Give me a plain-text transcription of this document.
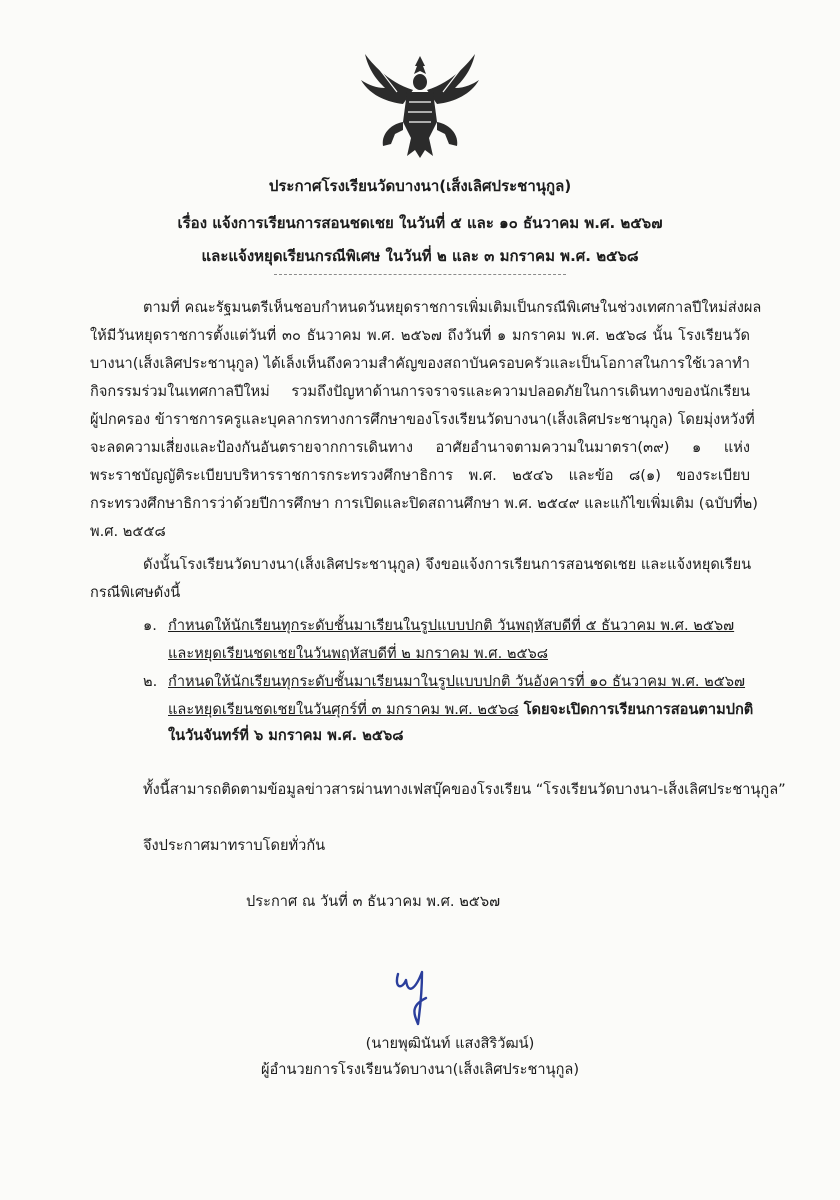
ประกาศโรงเรียนวัดบางนา(เส็งเลิศประชานุกูล)
เรื่อง แจ้งการเรียนการสอนชดเชย ในวันที่ ๕ และ ๑๐ ธันวาคม พ.ศ. ๒๕๖๗
และแจ้งหยุดเรียนกรณีพิเศษ ในวันที่ ๒ และ ๓ มกราคม พ.ศ. ๒๕๖๘
ตามที่ คณะรัฐมนตรีเห็นชอบกำหนดวันหยุดราชการเพิ่มเติมเป็นกรณีพิเศษในช่วงเทศกาลปีใหม่ส่งผล
ให้มีวันหยุดราชการตั้งแต่วันที่ ๓๐ ธันวาคม พ.ศ. ๒๕๖๗ ถึงวันที่ ๑ มกราคม พ.ศ. ๒๕๖๘ นั้น โรงเรียนวัด
บางนา(เส็งเลิศประชานุกูล) ได้เล็งเห็นถึงความสำคัญของสถาบันครอบครัวและเป็นโอกาสในการใช้เวลาทำ
กิจกรรมร่วมในเทศกาลปีใหม่ รวมถึงปัญหาด้านการจราจรและความปลอดภัยในการเดินทางของนักเรียน
ผู้ปกครอง ข้าราชการครูและบุคลากรทางการศึกษาของโรงเรียนวัดบางนา(เส็งเลิศประชานุกูล) โดยมุ่งหวังที่
จะลดความเสี่ยงและป้องกันอันตรายจากการเดินทาง อาศัยอำนาจตามความในมาตรา(๓๙) ๑ แห่ง
พระราชบัญญัติระเบียบบริหารราชการกระทรวงศึกษาธิการ พ.ศ. ๒๕๔๖ และข้อ ๘(๑) ของระเบียบ
กระทรวงศึกษาธิการว่าด้วยปีการศึกษา การเปิดและปิดสถานศึกษา พ.ศ. ๒๕๔๙ และแก้ไขเพิ่มเติม (ฉบับที่๒)
พ.ศ. ๒๕๕๘
ดังนั้นโรงเรียนวัดบางนา(เส็งเลิศประชานุกูล) จึงขอแจ้งการเรียนการสอนชดเชย และแจ้งหยุดเรียน
กรณีพิเศษดังนี้
๑. กำหนดให้นักเรียนทุกระดับชั้นมาเรียนในรูปแบบปกติ วันพฤหัสบดีที่ ๕ ธันวาคม พ.ศ. ๒๕๖๗
และหยุดเรียนชดเชยในวันพฤหัสบดีที่ ๒ มกราคม พ.ศ. ๒๕๖๘
๒. กำหนดให้นักเรียนทุกระดับชั้นมาเรียนมาในรูปแบบปกติ วันอังคารที่ ๑๐ ธันวาคม พ.ศ. ๒๕๖๗
และหยุดเรียนชดเชยในวันศุกร์ที่ ๓ มกราคม พ.ศ. ๒๕๖๘ โดยจะเปิดการเรียนการสอนตามปกติ
ในวันจันทร์ที่ ๖ มกราคม พ.ศ. ๒๕๖๘
ทั้งนี้สามารถติดตามข้อมูลข่าวสารผ่านทางเฟสบุ๊คของโรงเรียน “โรงเรียนวัดบางนา-เส็งเลิศประชานุกูล”
จึงประกาศมาทราบโดยทั่วกัน
ประกาศ ณ วันที่ ๓ ธันวาคม พ.ศ. ๒๕๖๗
(นายพุฒินันท์ แสงสิริวัฒน์)
ผู้อำนวยการโรงเรียนวัดบางนา(เส็งเลิศประชานุกูล)
